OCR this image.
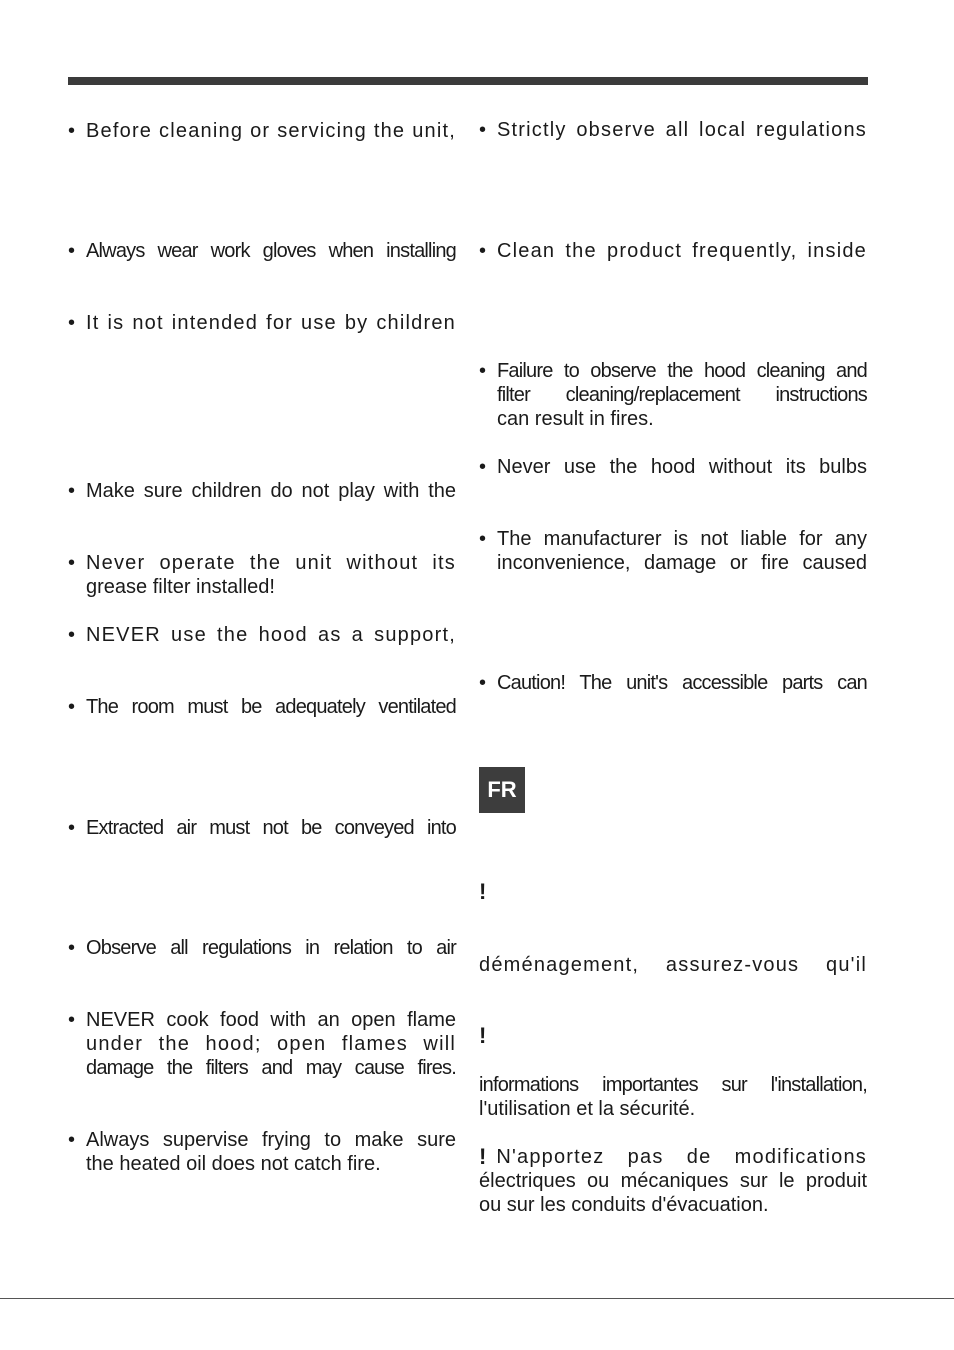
• Before cleaning or servicing the unit,
• Always wear work gloves when installing
• It is not intended for use by children
• Make sure children do not play with the
• Never operate the unit without its
grease filter installed!
• NEVER use the hood as a support,
• The room must be adequately ventilated
• Extracted air must not be conveyed into
• Observe all regulations in relation to air
• NEVER cook food with an open flame
under the hood; open flames will
damage the filters and may cause fires.
• Always supervise frying to make sure
the heated oil does not catch fire.
• Strictly observe all local regulations
• Clean the product frequently, inside
• Failure to observe the hood cleaning and
filter cleaning/replacement instructions
can result in fires.
• Never use the hood without its bulbs
• The manufacturer is not liable for any
inconvenience, damage or fire caused
• Caution! The unit's accessible parts can
FR
!
déménagement, assurez-vous qu'il
!
informations importantes sur l'installation,
l'utilisation et la sécurité.
! N'apportez pas de modifications
électriques ou mécaniques sur le produit
ou sur les conduits d'évacuation.
